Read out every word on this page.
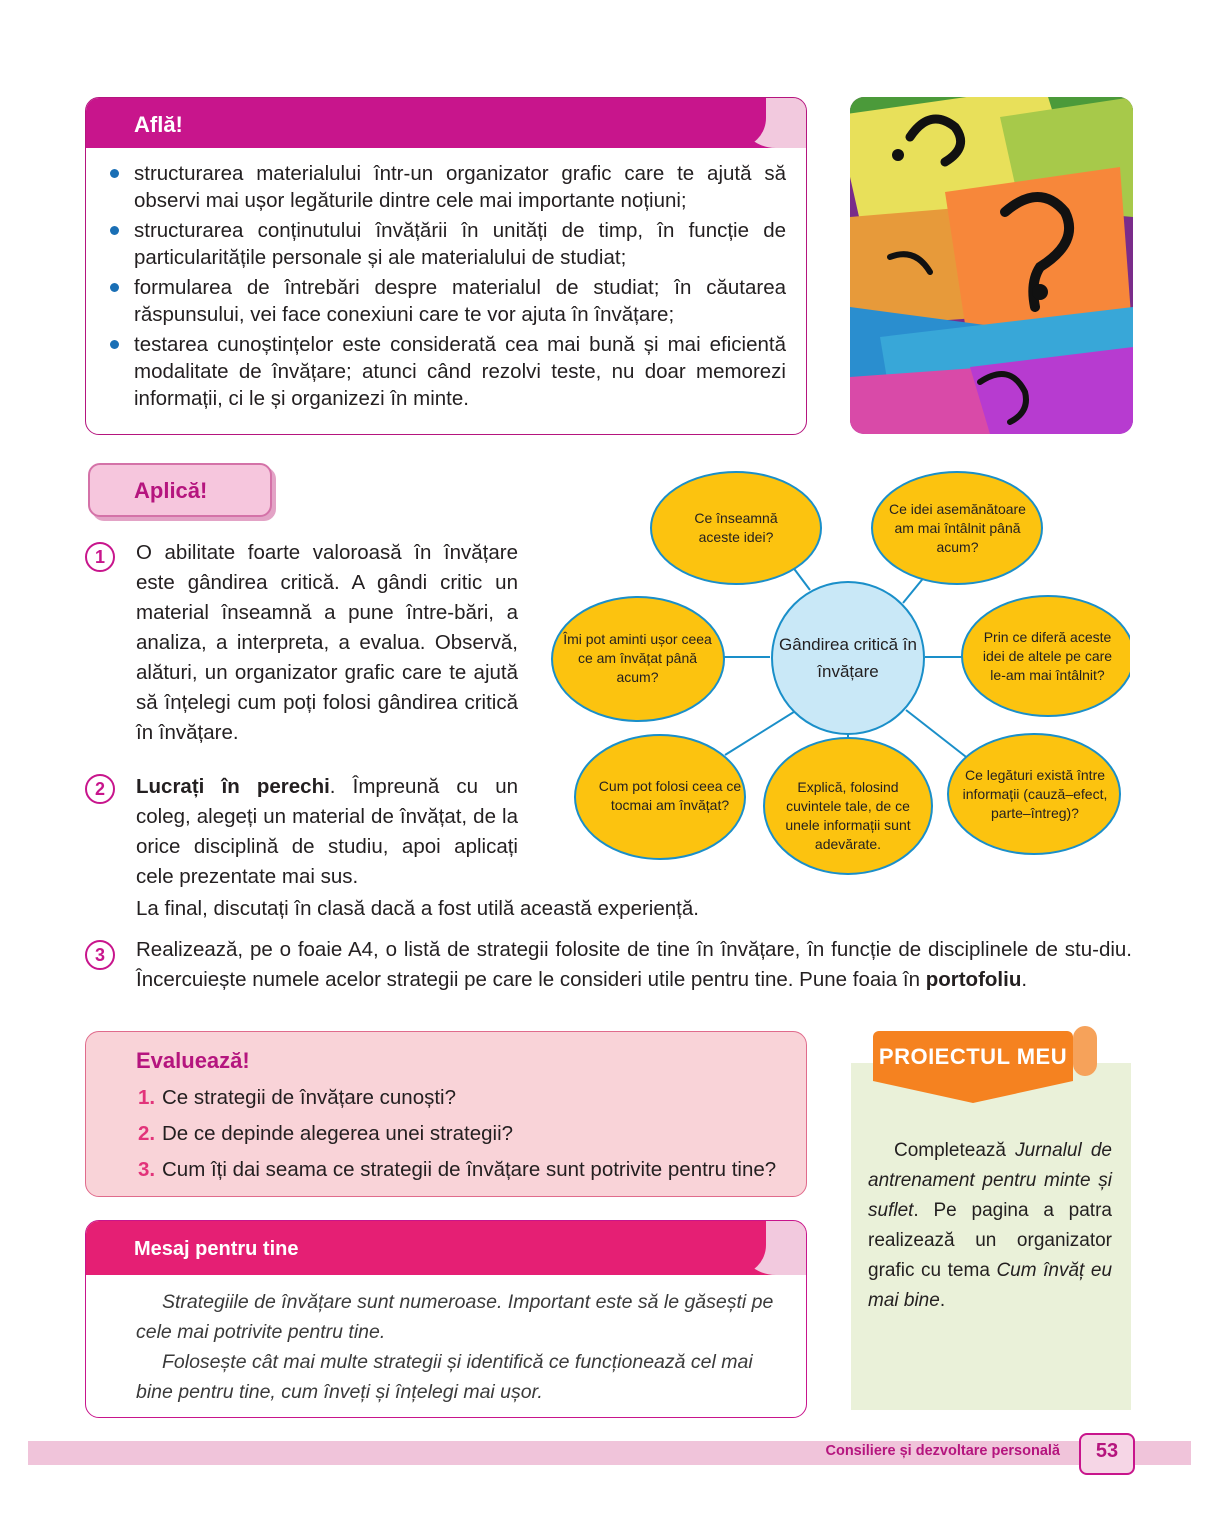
Află!
structurarea materialului într-un organizator grafic care te ajută să observi mai ușor legăturile dintre cele mai importante noțiuni;
structurarea conținutului învățării în unități de timp, în funcție de particularitățile personale și ale materialului de studiat;
formularea de întrebări despre materialul de studiat; în căutarea răspunsului, vei face conexiuni care te vor ajuta în învățare;
testarea cunoștințelor este considerată cea mai bună și mai eficientă modalitate de învățare; atunci când rezolvi teste, nu doar memorezi informații, ci le și organizezi în minte.
Aplică!
1	O abilitate foarte valoroasă în învățare este gândirea critică. A gândi critic un material înseamnă a pune între-bări, a analiza, a interpreta, a evalua. Observă, alături, un organizator grafic care te ajută să înțelegi cum poți folosi gândirea critică în învățare.
2	Lucrați în perechi. Împreună cu un coleg, alegeți un material de învățat, de la orice disciplină de studiu, apoi aplicați cele prezentate mai sus.
La final, discutați în clasă dacă a fost utilă această experiență.
3	Realizează, pe o foaie A4, o listă de strategii folosite de tine în învățare, în funcție de disciplinele de stu-diu. Încercuiește numele acelor strategii pe care le consideri utile pentru tine. Pune foaia în portofoliu.
Gândirea critică în învățare
Ce înseamnă aceste idei?
Ce idei asemănătoare am mai întâlnit până acum?
Prin ce diferă aceste idei de altele pe care le-am mai întâlnit?
Ce legături există între informații (cauză–efect, parte–întreg)?
Explică, folosind cuvintele tale, de ce unele informații sunt adevărate.
Cum pot folosi ceea ce tocmai am învățat?
Îmi pot aminti ușor ceea ce am învățat până acum?
Evaluează!
1. Ce strategii de învățare cunoști?
2. De ce depinde alegerea unei strategii?
3. Cum îți dai seama ce strategii de învățare sunt potrivite pentru tine?
Mesaj pentru tine
Strategiile de învățare sunt numeroase. Important este să le găsești pe cele mai potrivite pentru tine.
Folosește cât mai multe strategii și identifică ce funcționează cel mai bine pentru tine, cum înveți și înțelegi mai ușor.
PROIECTUL MEU
Completează Jurnalul de antrenament pentru minte și suflet. Pe pagina a patra realizează un organizator grafic cu tema Cum învăț eu mai bine.
Consiliere și dezvoltare personală	53
